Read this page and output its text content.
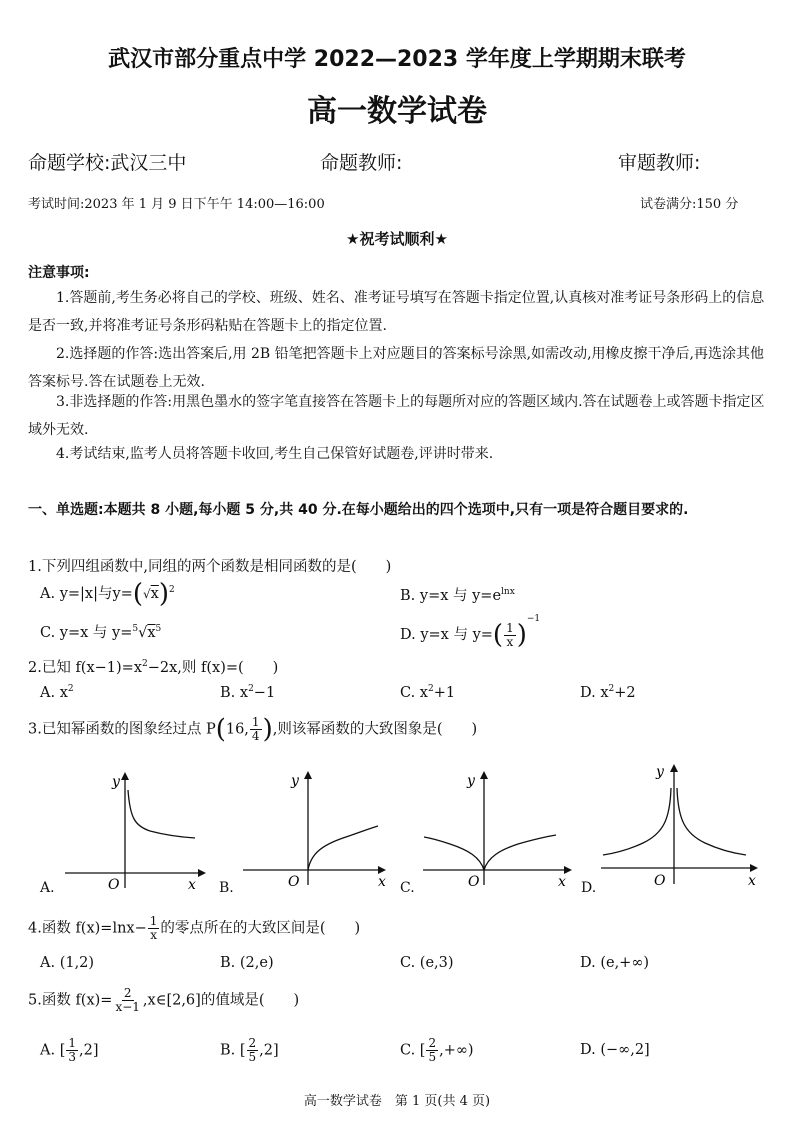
武汉市部分重点中学 2022—2023 学年度上学期期末联考
高一数学试卷
命题学校:武汉三中	命题教师:	审题教师:
考试时间:2023 年 1 月 9 日下午午 14:00—16:00	试卷满分:150 分
★祝考试顺利★
注意事项:
1.答题前,考生务必将自己的学校、班级、姓名、准考证号填写在答题卡指定位置,认真核对准考证号条形码上的信息是否一致,并将准考证号条形码粘贴在答题卡上的指定位置.
2.选择题的作答:选出答案后,用 2B 铅笔把答题卡上对应题目的答案标号涂黑,如需改动,用橡皮擦干净后,再选涂其他答案标号.答在试题卷上无效.
3.非选择题的作答:用黑色墨水的签字笔直接答在答题卡上的每题所对应的答题区域内.答在试题卷上或答题卡指定区域外无效.
4.考试结束,监考人员将答题卡收回,考生自己保管好试题卷,评讲时带来.
一、单选题:本题共 8 小题,每小题 5 分,共 40 分.在每小题给出的四个选项中,只有一项是符合题目要求的.
1.下列四组函数中,同组的两个函数是相同函数的是(　　)
A. y=|x|与$y=(√x)^2$	B. y=x 与 $y=e^{lnx}$
C. y=x 与 $y=^5√x^5$	D. y=x 与 $y=( \frac{1}{x} )^{-1}$
2.已知 $f(x-1)=x^2-2x$,则 f(x)=(　　)
A. $x^2$	B. $x^2-1$	C. $x^2+1$	D. $x^2+2$
3.已知幂函数的图象经过点 P(16, $\frac{1}{4}$ ),则该幂函数的大致图象是(　　)
A.
y
x
O	B.
y
x
O	C.
y
x
O	D.
y
x
O
4.函数 $f(x)=\ln x- \frac{1}{x}$ 的零点所在的大致区间是(　　)
A. (1,2)	B. (2,e)	C. (e,3)	D. (e,+∞)
5.函数 $f(x)= \frac{2}{x-1}$ ,x∈[2,6]的值域是(　　)
A. [ $\frac{1}{3} ,2$]	B. [ $\frac{2}{5} ,2$]	C. [ $\frac{2}{5}$ ,+∞)	D. (−∞,2]
高一数学试卷　第 1 页(共 4 页)
